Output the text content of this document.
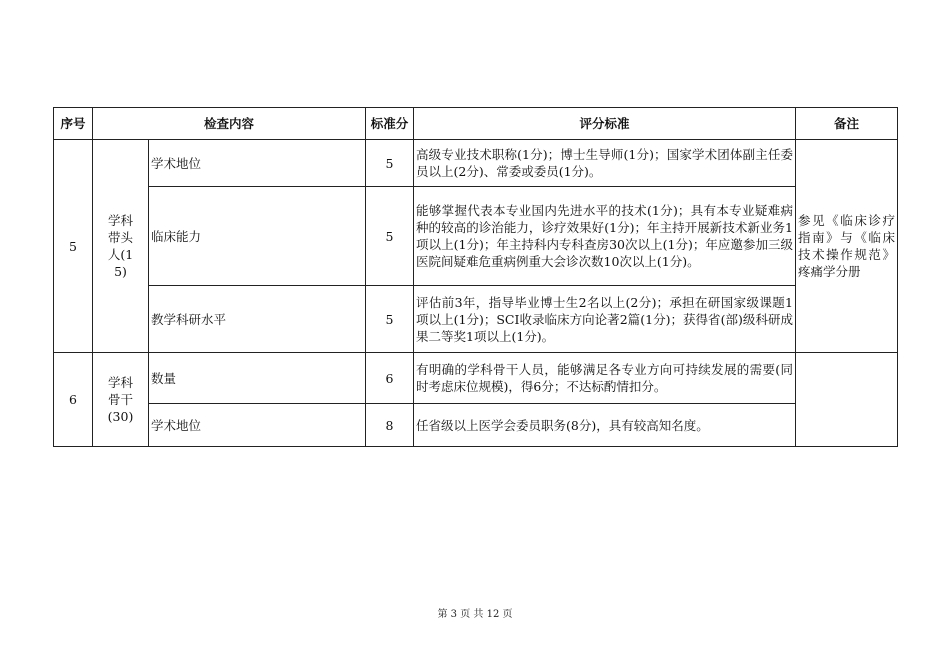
序号	检查内容		标准分	评分标准	备注
5	学科带头人(15)	学术地位	5	高级专业技术职称(1分)；博士生导师(1分)；国家学术团体副主任委员以上(2分)、常委或委员(1分)。	参见《临床诊疗指南》与《临床技术操作规范》疼痛学分册
		临床能力	5	能够掌握代表本专业国内先进水平的技术(1分)；具有本专业疑难病种的较高的诊治能力，诊疗效果好(1分)；年主持开展新技术新业务1项以上(1分)；年主持科内专科查房30次以上(1分)；年应邀参加三级医院间疑难危重病例重大会诊次数10次以上(1分)。	
		教学科研水平	5	评估前3年，指导毕业博士生2名以上(2分)；承担在研国家级课题1项以上(1分)；SCI收录临床方向论著2篇(1分)；获得省(部)级科研成果二等奖1项以上(1分)。	
6	学科骨干(30)	数量	6	有明确的学科骨干人员，能够满足各专业方向可持续发展的需要(同时考虑床位规模)，得6分；不达标酌情扣分。	
		学术地位	8	任省级以上医学会委员职务(8分)，具有较高知名度。	
第 3 页 共 12 页
